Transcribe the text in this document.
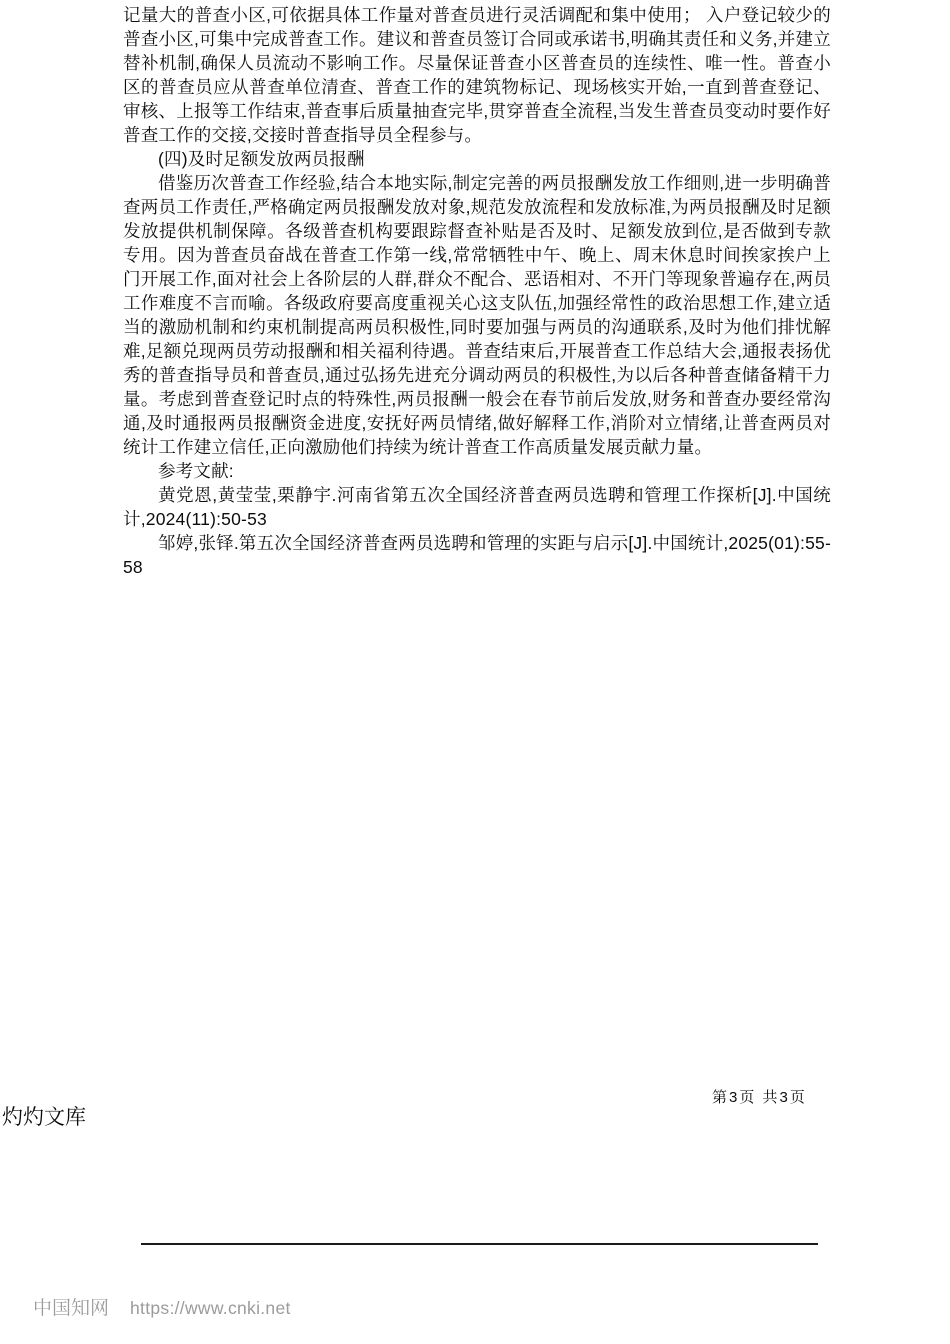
记量大的普查小区,可依据具体工作量对普查员进行灵活调配和集中使用； 入户登记较少的普查小区,可集中完成普查工作。建议和普查员签订合同或承诺书,明确其责任和义务,并建立替补机制,确保人员流动不影响工作。尽量保证普查小区普查员的连续性、唯一性。普查小区的普查员应从普查单位清查、普查工作的建筑物标记、现场核实开始,一直到普查登记、审核、上报等工作结束,普查事后质量抽查完毕,贯穿普查全流程,当发生普查员变动时要作好普查工作的交接,交接时普查指导员全程参与。

(四)及时足额发放两员报酬

借鉴历次普查工作经验,结合本地实际,制定完善的两员报酬发放工作细则,进一步明确普查两员工作责任,严格确定两员报酬发放对象,规范发放流程和发放标准,为两员报酬及时足额发放提供机制保障。各级普查机构要跟踪督查补贴是否及时、足额发放到位,是否做到专款专用。因为普查员奋战在普查工作第一线,常常牺牲中午、晚上、周末休息时间挨家挨户上门开展工作,面对社会上各阶层的人群,群众不配合、恶语相对、不开门等现象普遍存在,两员工作难度不言而喻。各级政府要高度重视关心这支队伍,加强经常性的政治思想工作,建立适当的激励机制和约束机制提高两员积极性,同时要加强与两员的沟通联系,及时为他们排忧解难,足额兑现两员劳动报酬和相关福利待遇。普查结束后,开展普查工作总结大会,通报表扬优秀的普查指导员和普查员,通过弘扬先进充分调动两员的积极性,为以后各种普查储备精干力量。考虑到普查登记时点的特殊性,两员报酬一般会在春节前后发放,财务和普查办要经常沟通,及时通报两员报酬资金进度,安抚好两员情绪,做好解释工作,消阶对立情绪,让普查两员对统计工作建立信任,正向激励他们持续为统计普查工作高质量发展贡献力量。

参考文献:

黄党恩,黄莹莹,栗静宇.河南省第五次全国经济普查两员选聘和管理工作探析[J].中国统计,2024(11):50-53

邹婷,张铎.第五次全国经济普查两员选聘和管理的实距与启示[J].中国统计,2025(01):55-58

第3页 共3页
灼灼文库
中国知网 https://www.cnki.net
